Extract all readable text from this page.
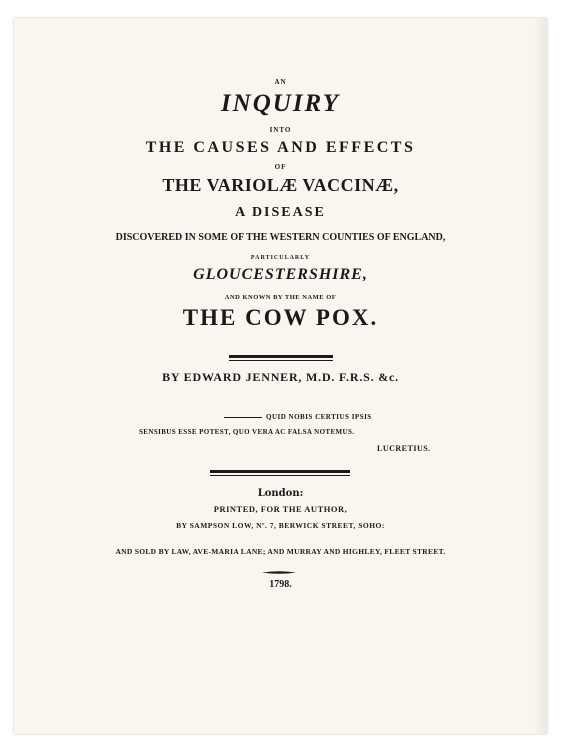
AN
INQUIRY
INTO
THE CAUSES AND EFFECTS
OF
THE VARIOLÆ VACCINÆ,
A DISEASE
DISCOVERED IN SOME OF THE WESTERN COUNTIES OF ENGLAND,
PARTICULARLY
GLOUCESTERSHIRE,
AND KNOWN BY THE NAME OF
THE COW POX.
BY EDWARD JENNER, M.D. F.R.S. &c.
QUID NOBIS CERTIUS IPSIS
SENSIBUS ESSE POTEST, QUO VERA AC FALSA NOTEMUS.
LUCRETIUS.
London:
PRINTED, FOR THE AUTHOR,
BY SAMPSON LOW, Nº. 7, BERWICK STREET, SOHO:
AND SOLD BY LAW, AVE-MARIA LANE; AND MURRAY AND HIGHLEY, FLEET STREET.
1798.
